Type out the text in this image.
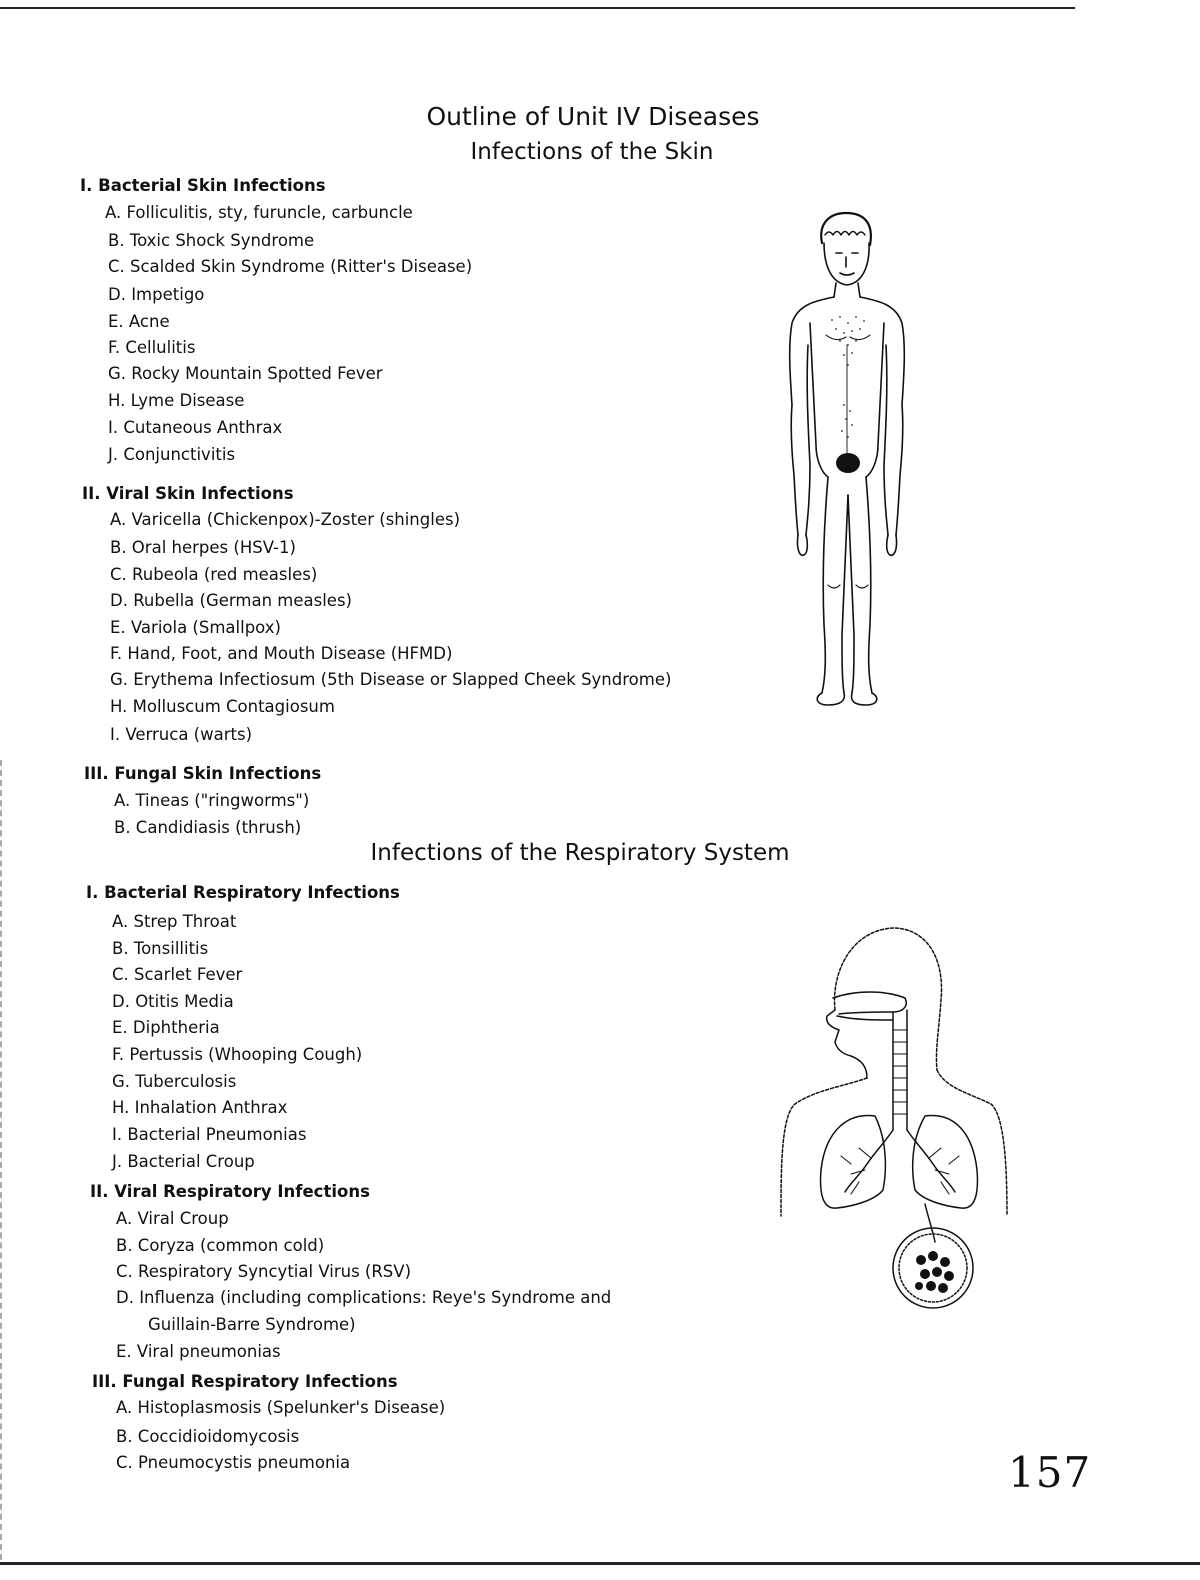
Outline of Unit IV Diseases
Infections of the Skin
Infections of the Respiratory System
I. Bacterial Skin Infections
A. Folliculitis, sty, furuncle, carbuncle
B. Toxic Shock Syndrome
C. Scalded Skin Syndrome (Ritter's Disease)
D. Impetigo
E. Acne
F. Cellulitis
G. Rocky Mountain Spotted Fever
H. Lyme Disease
I. Cutaneous Anthrax
J. Conjunctivitis
II. Viral Skin Infections
A. Varicella (Chickenpox)-Zoster (shingles)
B. Oral herpes (HSV-1)
C. Rubeola (red measles)
D. Rubella (German measles)
E. Variola (Smallpox)
F. Hand, Foot, and Mouth Disease (HFMD)
G. Erythema Infectiosum (5th Disease or Slapped Cheek Syndrome)
H. Molluscum Contagiosum
I. Verruca (warts)
III. Fungal Skin Infections
A. Tineas ("ringworms")
B. Candidiasis (thrush)
I. Bacterial Respiratory Infections
A. Strep Throat
B. Tonsillitis
C. Scarlet Fever
D. Otitis Media
E. Diphtheria
F. Pertussis (Whooping Cough)
G. Tuberculosis
H. Inhalation Anthrax
I. Bacterial Pneumonias
J. Bacterial Croup
II. Viral Respiratory Infections
A. Viral Croup
B. Coryza (common cold)
C. Respiratory Syncytial Virus (RSV)
D. Influenza (including complications: Reye's Syndrome and
Guillain-Barre Syndrome)
E. Viral pneumonias
III. Fungal Respiratory Infections
A. Histoplasmosis (Spelunker's Disease)
B. Coccidioidomycosis
C. Pneumocystis pneumonia	157
